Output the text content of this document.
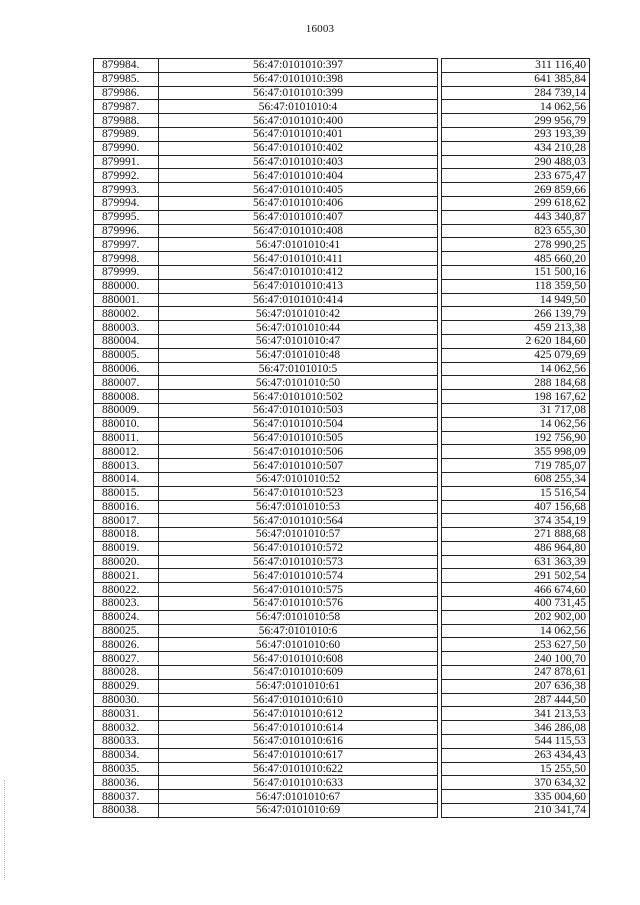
16003
879984.	56:47:0101010:397		311 116,40
879985.	56:47:0101010:398		641 385,84
879986.	56:47:0101010:399		284 739,14
879987.	56:47:0101010:4		14 062,56
879988.	56:47:0101010:400		299 956,79
879989.	56:47:0101010:401		293 193,39
879990.	56:47:0101010:402		434 210,28
879991.	56:47:0101010:403		290 488,03
879992.	56:47:0101010:404		233 675,47
879993.	56:47:0101010:405		269 859,66
879994.	56:47:0101010:406		299 618,62
879995.	56:47:0101010:407		443 340,87
879996.	56:47:0101010:408		823 655,30
879997.	56:47:0101010:41		278 990,25
879998.	56:47:0101010:411		485 660,20
879999.	56:47:0101010:412		151 500,16
880000.	56:47:0101010:413		118 359,50
880001.	56:47:0101010:414		14 949,50
880002.	56:47:0101010:42		266 139,79
880003.	56:47:0101010:44		459 213,38
880004.	56:47:0101010:47		2 620 184,60
880005.	56:47:0101010:48		425 079,69
880006.	56:47:0101010:5		14 062,56
880007.	56:47:0101010:50		288 184,68
880008.	56:47:0101010:502		198 167,62
880009.	56:47:0101010:503		31 717,08
880010.	56:47:0101010:504		14 062,56
880011.	56:47:0101010:505		192 756,90
880012.	56:47:0101010:506		355 998,09
880013.	56:47:0101010:507		719 785,07
880014.	56:47:0101010:52		608 255,34
880015.	56:47:0101010:523		15 516,54
880016.	56:47:0101010:53		407 156,68
880017.	56:47:0101010:564		374 354,19
880018.	56:47:0101010:57		271 888,68
880019.	56:47:0101010:572		486 964,80
880020.	56:47:0101010:573		631 363,39
880021.	56:47:0101010:574		291 502,54
880022.	56:47:0101010:575		466 674,60
880023.	56:47:0101010:576		400 731,45
880024.	56:47:0101010:58		202 902,00
880025.	56:47:0101010:6		14 062,56
880026.	56:47:0101010:60		253 627,50
880027.	56:47:0101010:608		240 100,70
880028.	56:47:0101010:609		247 878,61
880029.	56:47:0101010:61		207 636,38
880030.	56:47:0101010:610		287 444,50
880031.	56:47:0101010:612		341 213,53
880032.	56:47:0101010:614		346 286,08
880033.	56:47:0101010:616		544 115,53
880034.	56:47:0101010:617		263 434,43
880035.	56:47:0101010:622		15 255,50
880036.	56:47:0101010:633		370 634,32
880037.	56:47:0101010:67		335 004,60
880038.	56:47:0101010:69		210 341,74
